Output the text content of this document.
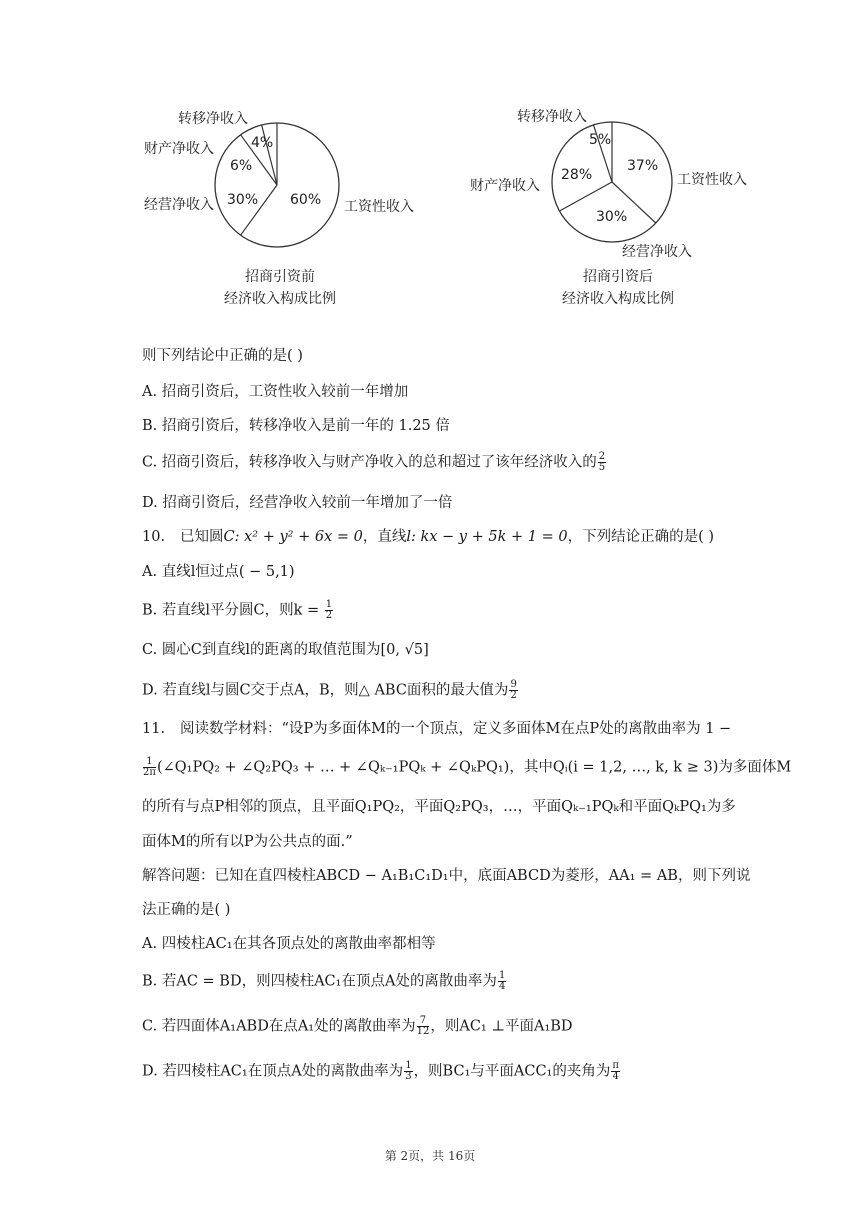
60%
30%
6%
4%
转移净收入
财产净收入
经营净收入	工资性收入
招商引资前
经济收入构成比例
37%
30%
28%
5%
转移净收入
财产净收入
经营净收入
工资性收入
招商引资后
经济收入构成比例
则下列结论中正确的是( )
A. 招商引资后，工资性收入较前一年增加
B. 招商引资后，转移净收入是前一年的 1.25 倍
C. 招商引资后，转移净收入与财产净收入的总和超过了该年经济收入的 $\frac{2}{5}$
D. 招商引资后，经营净收入较前一年增加了一倍
10. 已知圆C: x² + y² + 6x = 0，直线l: kx − y + 5k + 1 = 0，下列结论正确的是( )
A. 直线l恒过点( − 5,1)
B. 若直线l平分圆C，则$k = \frac{1}{2}$
C. 圆心C到直线l的距离的取值范围为[0, √5]
D. 若直线l与圆C交于点A，B，则△ ABC面积的最大值为 $\frac{9}{2}$
11. 阅读数学材料：“设P为多面体M的一个顶点，定义多面体M在点P处的离散曲率为 1 −
$\frac{1}{2\pi}$ (∠Q₁PQ₂ + ∠Q₂PQ₃ + … + ∠Qₖ₋₁PQₖ + ∠QₖPQ₁)，其中Qᵢ(i = 1,2, …, k, k ≥ 3)为多面体M
的所有与点P相邻的顶点，且平面Q₁PQ₂，平面Q₂PQ₃，…，平面Qₖ₋₁PQₖ和平面QₖPQ₁为多
面体M的所有以P为公共点的面.”
解答问题：已知在直四棱柱ABCD − A₁B₁C₁D₁中，底面ABCD为菱形，AA₁ = AB，则下列说
法正确的是( )
A. 四棱柱AC₁在其各顶点处的离散曲率都相等
B. 若AC = BD，则四棱柱AC₁在顶点A处的离散曲率为 $\frac{1}{4}$
C. 若四面体A₁ABD在点A₁处的离散曲率为 $\frac{7}{12}$ ，则AC₁ ⊥平面A₁BD
D. 若四棱柱AC₁在顶点A处的离散曲率为 $\frac{1}{3}$ ，则BC₁与平面ACC₁的夹角为 $\frac{\pi}{4}$
第 2页，共 16页
